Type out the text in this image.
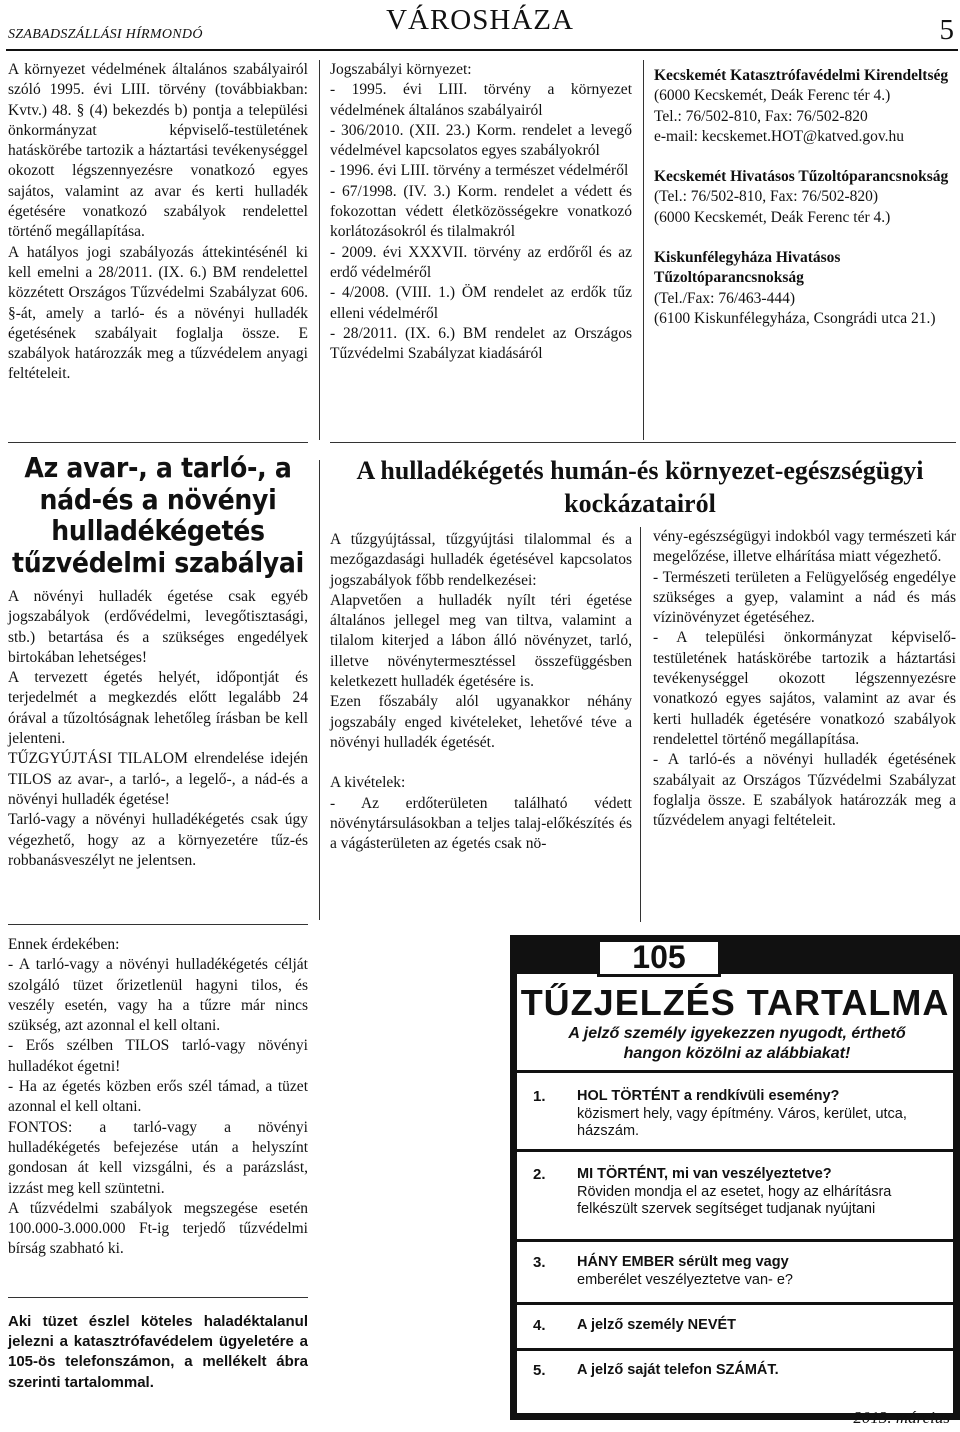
SZABADSZÁLLÁSI HÍRMONDÓ	VÁROSHÁZA	5

A környezet védelmének általános szabályairól szóló 1995. évi LIII. törvény (továbbiakban: Kvtv.) 48. § (4) bekezdés b) pontja a települési önkormányzat képviselő-testületének hatáskörébe tartozik a háztartási tevékenységgel okozott légszennyezésre vonatkozó egyes sajátos, valamint az avar és kerti hulladék égetésére vonatkozó szabályok rendelettel történő megállapítása.

A hatályos jogi szabályozás áttekintésénél ki kell emelni a 28/2011. (IX. 6.) BM rendelettel közzétett Országos Tűzvédelmi Szabályzat 606. §-át, amely a tarló- és a növényi hulladék égetésének szabályait foglalja össze. E szabályok határozzák meg a tűzvédelem anyagi feltételeit.

Jogszabályi környezet:

- 1995. évi LIII. törvény a környezet védelmének általános szabályairól

- 306/2010. (XII. 23.) Korm. rendelet a levegő védelmével kapcsolatos egyes szabályokról

- 1996. évi LIII. törvény a természet védelméről

- 67/1998. (IV. 3.) Korm. rendelet a védett és fokozottan védett életközösségekre vonatkozó korlátozásokról és tilalmakról

- 2009. évi XXXVII. törvény az erdőről és az erdő védelméről

- 4/2008. (VIII. 1.) ÖM rendelet az erdők tűz elleni védelméről

- 28/2011. (IX. 6.) BM rendelet az Országos Tűzvédelmi Szabályzat kiadásáról

Kecskemét Katasztrófavédelmi Kirendeltség
(6000 Kecskemét, Deák Ferenc tér 4.)
Tel.: 76/502-810, Fax: 76/502-820
e-mail: kecskemet.HOT@katved.gov.hu
Kecskemét Hivatásos Tűzoltóparancsnokság
(Tel.: 76/502-810, Fax: 76/502-820)
(6000 Kecskemét, Deák Ferenc tér 4.)
Kiskunfélegyháza Hivatásos Tűzoltóparancsnokság
(Tel./Fax: 76/463-444)
(6100 Kiskunfélegyháza, Csongrádi utca 21.)
Az avar-, a tarló-, a nád-és a növényi hulladékégetés tűzvédelmi szabályai

A növényi hulladék égetése csak egyéb jogszabályok (erdővédelmi, levegőtisztasági, stb.) betartása és a szükséges engedélyek birtokában lehetséges!

A tervezett égetés helyét, időpontját és terjedelmét a megkezdés előtt legalább 24 órával a tűzoltóságnak lehetőleg írásban be kell jelenteni.

TŰZGYÚJTÁSI TILALOM elrendelése idején TILOS az avar-, a tarló-, a legelő-, a nád-és a növényi hulladék égetése!

Tarló-vagy a növényi hulladékégetés csak úgy végezhető, hogy az a környezetére tűz-és robbanásveszélyt ne jelentsen.

Ennek érdekében:

- A tarló-vagy a növényi hulladékégetés célját szolgáló tüzet őrizetlenül hagyni tilos, és veszély esetén, vagy ha a tűzre már nincs szükség, azt azonnal el kell oltani.

- Erős szélben TILOS tarló-vagy növényi hulladékot égetni!

- Ha az égetés közben erős szél támad, a tüzet azonnal el kell oltani.

FONTOS: a tarló-vagy a növényi hulladékégetés befejezése után a helyszínt gondosan át kell vizsgálni, és a parázslást, izzást meg kell szüntetni.

A tűzvédelmi szabályok megszegése esetén 100.000-3.000.000 Ft-ig terjedő tűzvédelmi bírság szabható ki.

Aki tüzet észlel köteles haladéktalanul jelezni a katasztrófavédelem ügyeletére a 105-ös telefonszámon, a mellékelt ábra szerinti tartalommal.
A hulladékégetés humán-és környezet-egészségügyi kockázatairól

A tűzgyújtással, tűzgyújtási tilalommal és a mezőgazdasági hulladék égetésével kapcsolatos jogszabályok főbb rendelkezései:

Alapvetően a hulladék nyílt téri égetése általános jellegel meg van tiltva, valamint a tilalom kiterjed a lábon álló növényzet, tarló, illetve növénytermesztéssel összefüggésben keletkezett hulladék égetésére is.

Ezen főszabály alól ugyanakkor néhány jogszabály enged kivételeket, lehetővé téve a növényi hulladék égetését.

A kivételek:

- Az erdőterületen található védett növénytársulásokban a teljes talaj-előkészítés és a vágásterületen az égetés csak nö-

vény-egészségügyi indokból vagy természeti kár megelőzése, illetve elhárítása miatt végezhető.

- Természeti területen a Felügyelőség engedélye szükséges a gyep, valamint a nád és más vízinövényzet égetéséhez.

- A települési önkormányzat képviselő-testületének hatáskörébe tartozik a háztartási tevékenységgel okozott légszennyezésre vonatkozó egyes sajátos, valamint az avar és kerti hulladék égetésére vonatkozó szabályok rendelettel történő megállapítása.

- A tarló-és a növényi hulladék égetésének szabályait az Országos Tűzvédelmi Szabályzat foglalja össze. E szabályok határozzák meg a tűzvédelem anyagi feltételeit.

105
TŰZJELZÉS TARTALMA
A jelző személy igyekezzen nyugodt, érthető hangon közölni az alábbiakat!
1. HOL TÖRTÉNT a rendkívüli esemény?
közismert hely, vagy építmény. Város, kerület, utca, házszám.
2. MI TÖRTÉNT, mi van veszélyeztetve?
Röviden mondja el az esetet, hogy az elhárításra felkészült szervek segítséget tudjanak nyújtani
3. HÁNY EMBER sérült meg vagy
emberélet veszélyeztetve van- e?
4. A jelző személy NEVÉT
5. A jelző saját telefon SZÁMÁT.
2013. március
